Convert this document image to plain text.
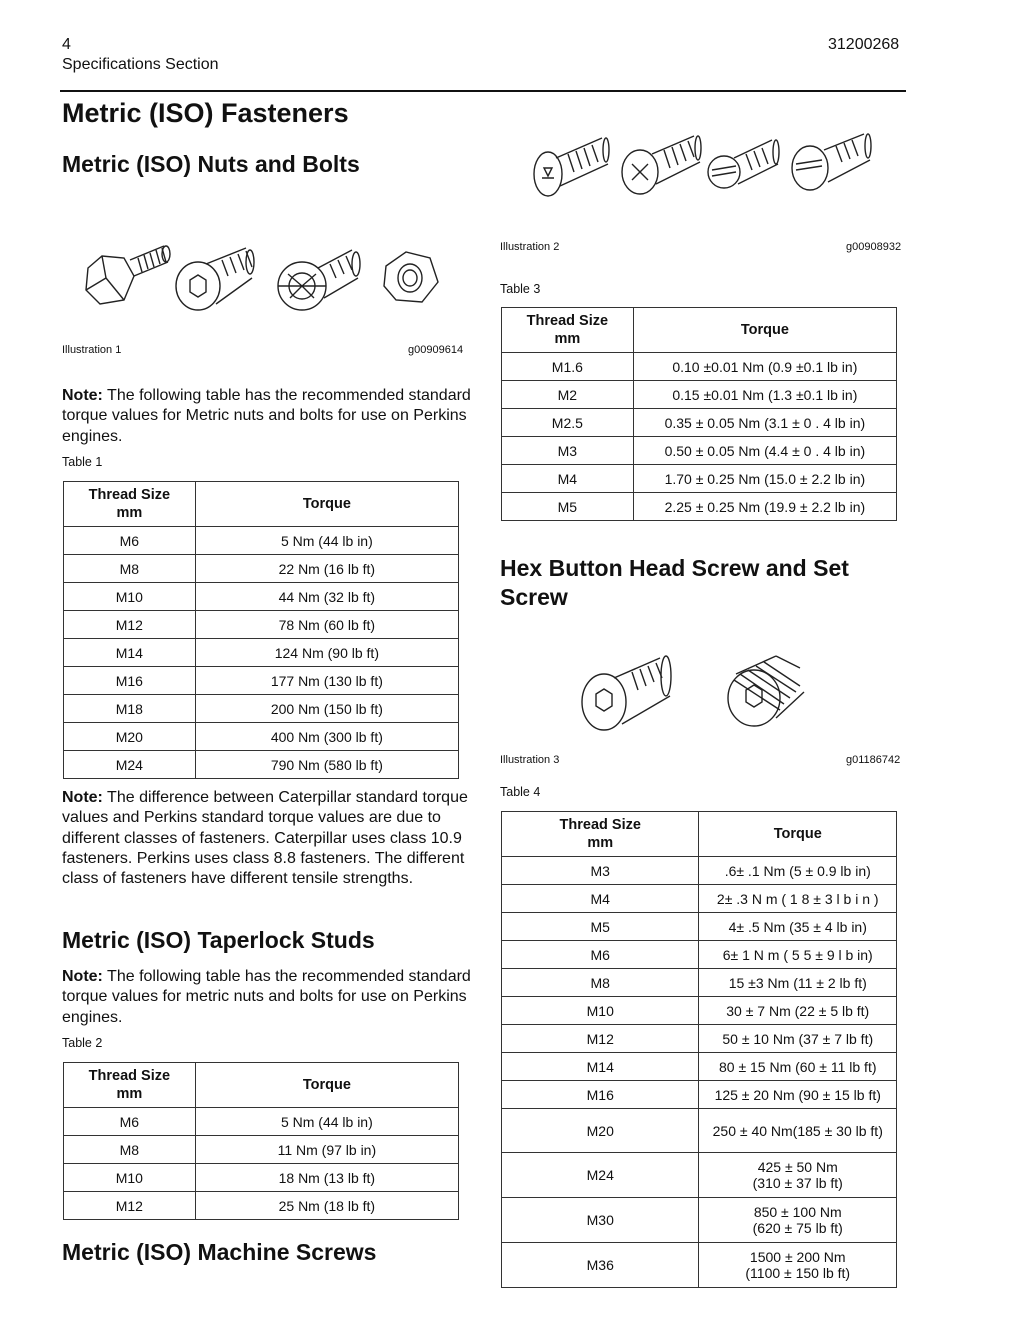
4
Specifications Section
31200268
Metric (ISO) Fasteners
Metric (ISO) Nuts and Bolts
Illustration 1	g00909614
Note: The following table has the recommended standard torque values for Metric nuts and bolts for use on Perkins engines.
Table 1
Thread Size
mm	Torque
M6	5 Nm (44 lb in)
M8	22 Nm (16 lb ft)
M10	44 Nm (32 lb ft)
M12	78 Nm (60 lb ft)
M14	124 Nm (90 lb ft)
M16	177 Nm (130 lb ft)
M18	200 Nm (150 lb ft)
M20	400 Nm (300 lb ft)
M24	790 Nm (580 lb ft)
Note: The difference between Caterpillar standard torque values and Perkins standard torque values are due to different classes of fasteners. Caterpillar uses class 10.9 fasteners. Perkins uses class 8.8 fasteners. The different class of fasteners have different tensile strengths.
Metric (ISO) Taperlock Studs
Note: The following table has the recommended standard torque values for metric nuts and bolts for use on Perkins engines.
Table 2
Thread Size
mm	Torque
M6	5 Nm (44 lb in)
M8	11 Nm (97 lb in)
M10	18 Nm (13 lb ft)
M12	25 Nm (18 lb ft)
Metric (ISO) Machine Screws
Illustration 2	g00908932
Table 3
Thread Size
mm	Torque
M1.6	0.10 ±0.01 Nm (0.9 ±0.1 lb in)
M2	0.15 ±0.01 Nm (1.3 ±0.1 lb in)
M2.5	0.35 ± 0.05 Nm (3.1 ± 0 . 4 lb in)
M3	0.50 ± 0.05 Nm (4.4 ± 0 . 4 lb in)
M4	1.70 ± 0.25 Nm (15.0 ± 2.2 lb in)
M5	2.25 ± 0.25 Nm (19.9 ± 2.2 lb in)
Hex Button Head Screw and Set Screw
Illustration 3	g01186742
Table 4
Thread Size
mm	Torque
M3	.6± .1 Nm (5 ± 0.9 lb in)
M4	2± .3 N m ( 1 8 ± 3 l b i n )
M5	4± .5 Nm (35 ± 4 lb in)
M6	6± 1 N m ( 5 5 ± 9 l b in)
M8	15 ±3 Nm (11 ± 2 lb ft)
M10	30 ± 7 Nm (22 ± 5 lb ft)
M12	50 ± 10 Nm (37 ± 7 lb ft)
M14	80 ± 15 Nm (60 ± 11 lb ft)
M16	125 ± 20 Nm (90 ± 15 lb ft)
M20	250 ± 40 Nm(185 ± 30 lb ft)
M24	425 ± 50 Nm
(310 ± 37 lb ft)

M30	850 ± 100 Nm
(620 ± 75 lb ft)

M36	1500 ± 200 Nm
(1100 ± 150 lb ft)
